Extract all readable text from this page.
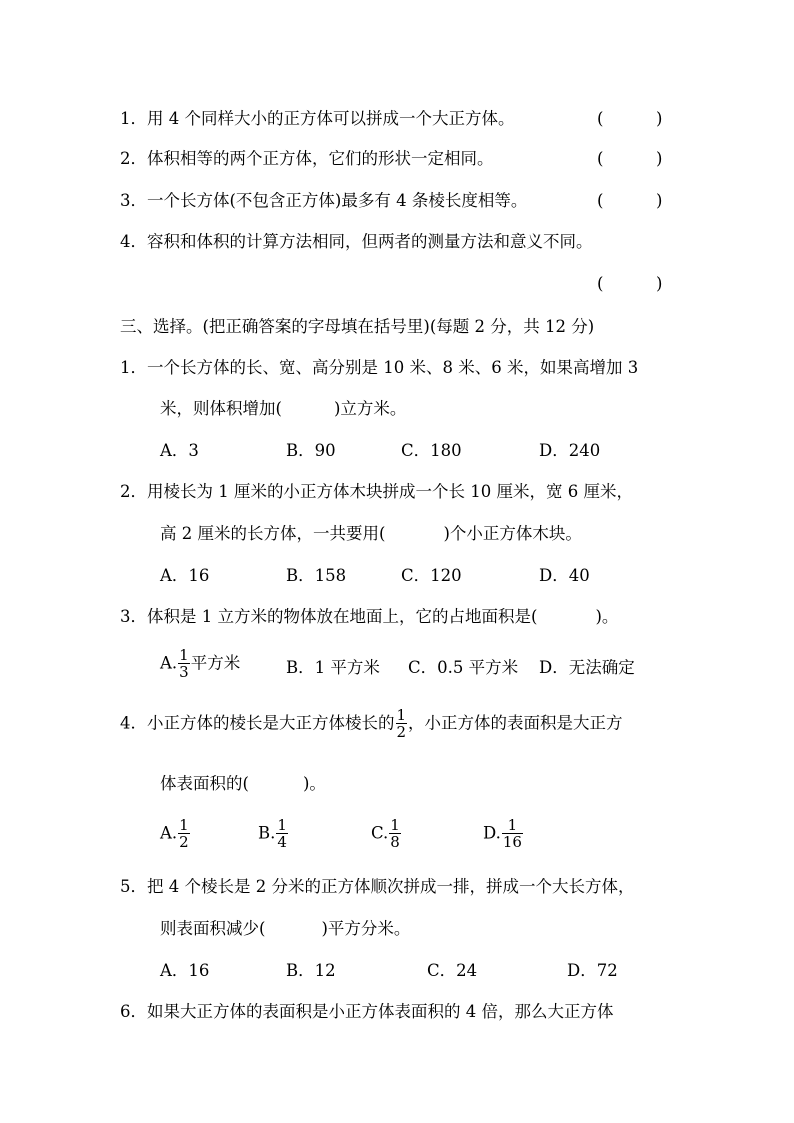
1．用 4 个同样大小的正方体可以拼成一个大正方体。	(	)
2．体积相等的两个正方体，它们的形状一定相同。	(	)
3．一个长方体(不包含正方体)最多有 4 条棱长度相等。	(	)
4．容积和体积的计算方法相同，但两者的测量方法和意义不同。
(	)
三、选择。(把正确答案的字母填在括号里)(每题 2 分，共 12 分)
1．一个长方体的长、宽、高分别是 10 米、8 米、6 米，如果高增加 3
米，则体积增加(	)立方米。
A．3	B．90	C．180	D．240
2．用棱长为 1 厘米的小正方体木块拼成一个长 10 厘米，宽 6 厘米，
高 2 厘米的长方体，一共要用(	)个小正方体木块。
A．16	B．158	C．120	D．40
3．体积是 1 立方米的物体放在地面上，它的占地面积是(	)。
A. $\frac{1}{3}$ 平方米	B．1 平方米 C．0.5 平方米 D．无法确定
4．小正方体的棱长是大正方体棱长的 $\frac{1}{2}$ ，小正方体的表面积是大正方
体表面积的(	)。
A. $\frac{1}{2}$	B. $\frac{1}{4}$	C. $\frac{1}{8}$	D. $\frac{1}{16}$
5．把 4 个棱长是 2 分米的正方体顺次拼成一排，拼成一个大长方体，
则表面积减少(	)平方分米。
A．16	B．12	C．24	D．72
6．如果大正方体的表面积是小正方体表面积的 4 倍，那么大正方体
